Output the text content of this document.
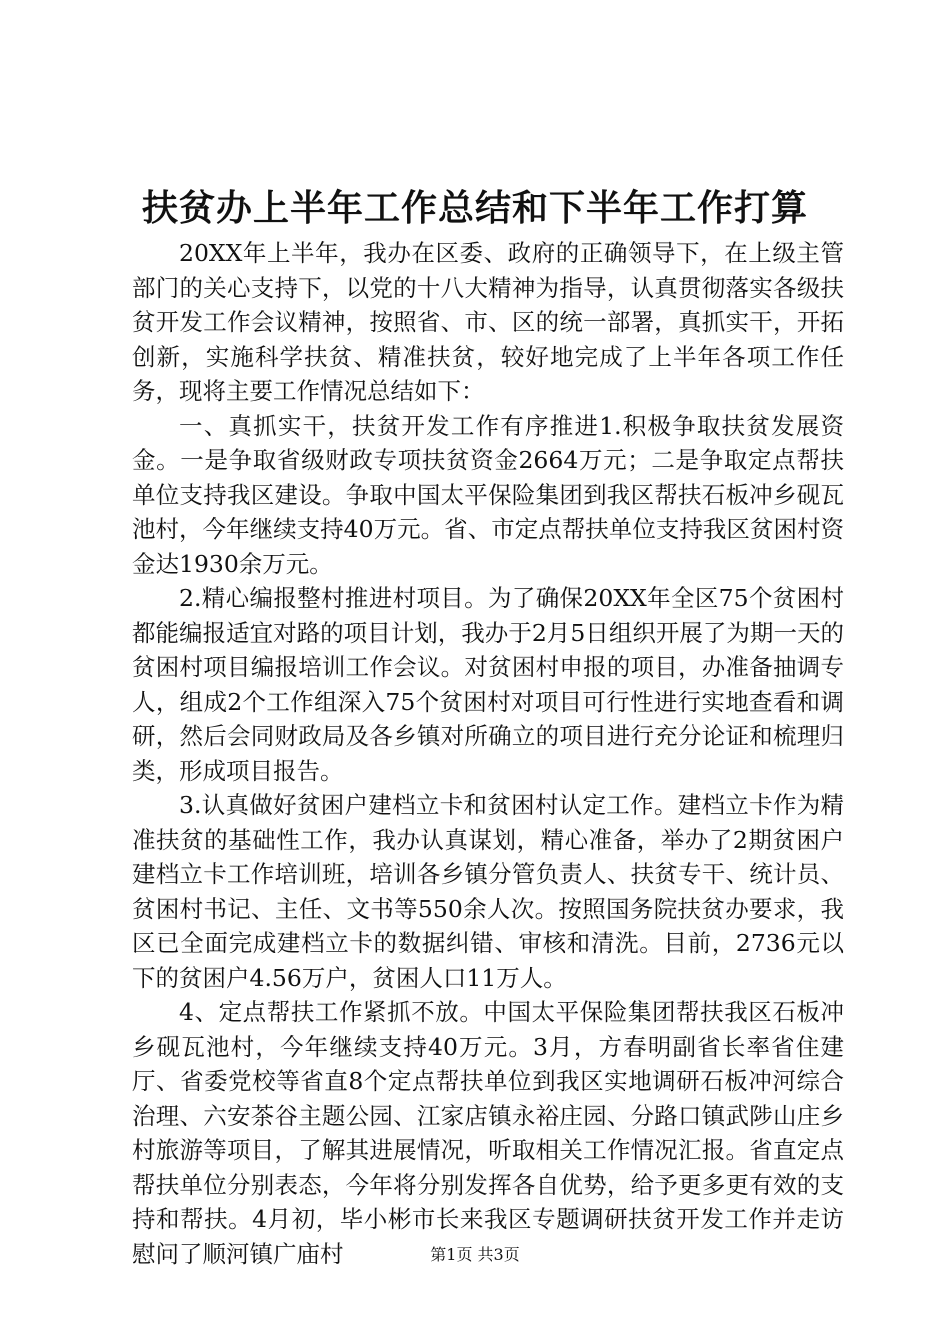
扶贫办上半年工作总结和下半年工作打算

20XX年上半年，我办在区委、政府的正确领导下，在上级主管部门的关心支持下，以党的十八大精神为指导，认真贯彻落实各级扶贫开发工作会议精神，按照省、市、区的统一部署，真抓实干，开拓创新，实施科学扶贫、精准扶贫，较好地完成了上半年各项工作任务，现将主要工作情况总结如下：

一、真抓实干，扶贫开发工作有序推进1.积极争取扶贫发展资金。一是争取省级财政专项扶贫资金2664万元；二是争取定点帮扶单位支持我区建设。争取中国太平保险集团到我区帮扶石板冲乡砚瓦池村，今年继续支持40万元。省、市定点帮扶单位支持我区贫困村资金达1930余万元。

2.精心编报整村推进村项目。为了确保20XX年全区75个贫困村都能编报适宜对路的项目计划，我办于2月5日组织开展了为期一天的贫困村项目编报培训工作会议。对贫困村申报的项目，办准备抽调专人，组成2个工作组深入75个贫困村对项目可行性进行实地查看和调研，然后会同财政局及各乡镇对所确立的项目进行充分论证和梳理归类，形成项目报告。

3.认真做好贫困户建档立卡和贫困村认定工作。建档立卡作为精准扶贫的基础性工作，我办认真谋划，精心准备，举办了2期贫困户建档立卡工作培训班，培训各乡镇分管负责人、扶贫专干、统计员、贫困村书记、主任、文书等550余人次。按照国务院扶贫办要求，我区已全面完成建档立卡的数据纠错、审核和清洗。目前，2736元以下的贫困户4.56万户，贫困人口11万人。

4、定点帮扶工作紧抓不放。中国太平保险集团帮扶我区石板冲乡砚瓦池村，今年继续支持40万元。3月，方春明副省长率省住建厅、省委党校等省直8个定点帮扶单位到我区实地调研石板冲河综合治理、六安茶谷主题公园、江家店镇永裕庄园、分路口镇武陟山庄乡村旅游等项目，了解其进展情况，听取相关工作情况汇报。省直定点帮扶单位分别表态，今年将分别发挥各自优势，给予更多更有效的支持和帮扶。4月初，毕小彬市长来我区专题调研扶贫开发工作并走访慰问了顺河镇广庙村	第1页 共3页
